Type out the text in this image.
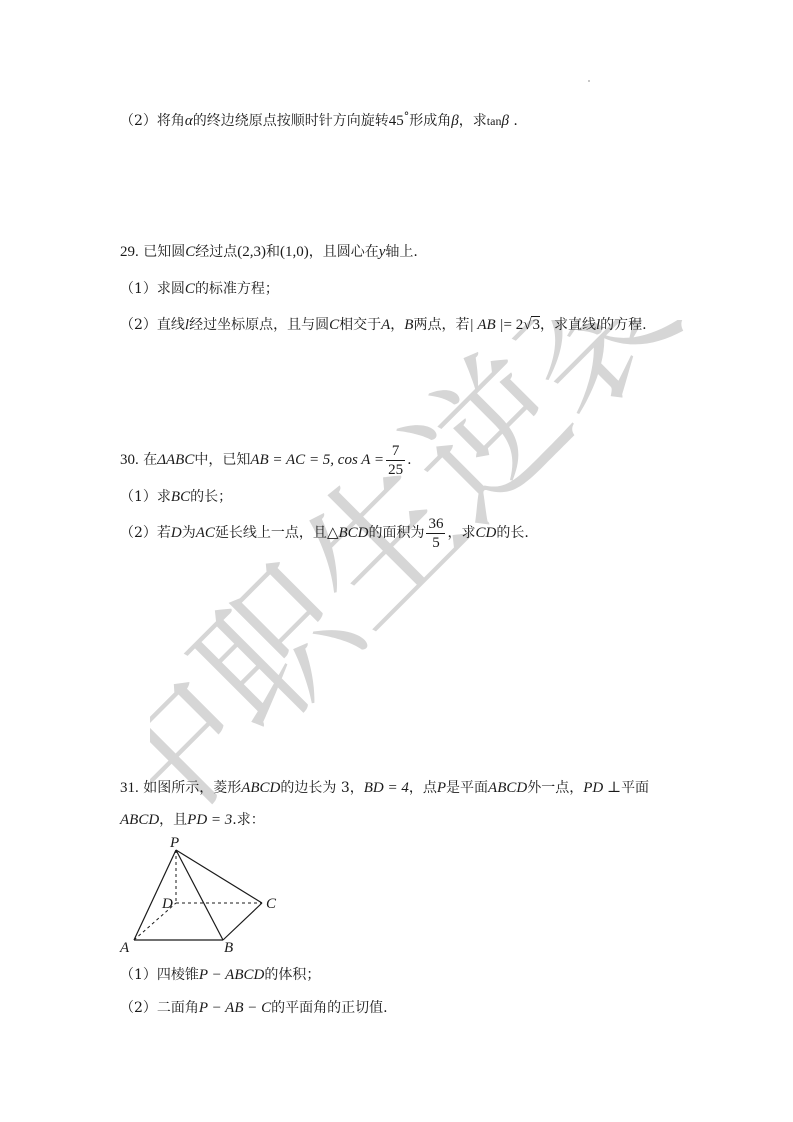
中职生逆袭
（2）将角α的终边绕原点按顺时针方向旋转45°形成角β，求tanβ .
29. 已知圆C经过点(2,3)和(1,0)，且圆心在y轴上.
（1）求圆C的标准方程；
（2）直线l经过坐标原点，且与圆C相交于A，B两点，若| AB |= 2√3，求直线l的方程.
30. 在ΔABC中，已知AB = AC = 5, $\cos A = \frac{7}{25}$ .
（1）求BC的长；
（2）若D为AC延长线上一点，且△BCD的面积为 $\frac{36}{5}$ ，求CD的长.
31. 如图所示，菱形ABCD的边长为 3，BD = 4，点P是平面ABCD外一点，PD ⊥平面
ABCD，且PD = 3.求：
P
D	C
A	B
（1）四棱锥P − ABCD的体积；
（2）二面角P − AB − C的平面角的正切值.
